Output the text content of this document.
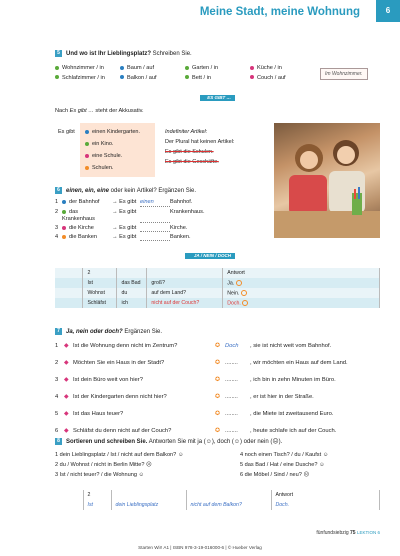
Meine Stadt, meine Wohnung	6
5 Und wo ist Ihr Lieblingsplatz? Schreiben Sie.
Wohnzimmer / in	Baum / auf	Garten / in	Küche / in
Schlafzimmer / in	Balkon / auf	Bett / in	Couch / auf
Im Wohnzimmer.
ES GIBT …
Nach Es gibt … steht der Akkusativ.
Es gibt	einen Kindergarten.
ein Kino.
eine Schule.
Schulen.
Indefiniter Artikel:
Der Plural hat keinen Artikel:
Es gibt die Schulen.
Es gibt die Geschäfte.
6 einen, ein, eine oder kein Artikel? Ergänzen Sie.
1	der Bahnhof	→ Es gibt einen	Bahnhof.
2	das Krankenhaus
→ Es gibt	Krankenhaus.
3	die Kirche	→ Es gibt	Kirche.
4	die Banken	→ Es gibt	Banken.
JA / NEIN / DOCH
	2			Antwort
	Ist	das Bad	groß?	Ja.
	Wohnst	du	auf dem Land?	Nein.
	Schläfst	ich	nicht auf der Couch?	Doch.
7 Ja, nein oder doch? Ergänzen Sie.
1 ◆ Ist die Wohnung denn nicht im Zentrum?	✪ Doch , sie ist nicht weit vom Bahnhof.
2 ◆ Möchten Sie ein Haus in der Stadt?	✪ ........ , wir möchten ein Haus auf dem Land.
3 ◆ Ist dein Büro weit von hier?	✪ ........ , ich bin in zehn Minuten im Büro.
4 ◆ Ist der Kindergarten denn nicht hier?	✪ ........ , er ist hier in der Straße.
5 ◆ Ist das Haus teuer?	✪ ........ , die Miete ist zweitausend Euro.
6 ◆ Schläfst du denn nicht auf der Couch?	✪ ........ , heute schlafe ich auf der Couch.
8 Sortieren und schreiben Sie. Antworten Sie mit ja (☺), doch (☺) oder nein (☹).
1 dein Lieblingsplatz / Ist / nicht auf dem Balkon? ☺
2 du / Wohnst / nicht in Berlin Mitte? ☹
3 Ist / nicht teuer? / die Wohnung ☺
4 noch einen Tisch? / du / Kaufst ☺
5 das Bad / Hat / eine Dusche? ☺
6 die Möbel / Sind / neu? ☹
	2			Antwort
	Ist	dein Lieblingsplatz	nicht auf dem Balkon?	Doch.
fünfundsiebzig 75 LEKTION 6
Starten Wir! A1 | ISBN 978-3-19-016000-6 | © Hueber Verlag
